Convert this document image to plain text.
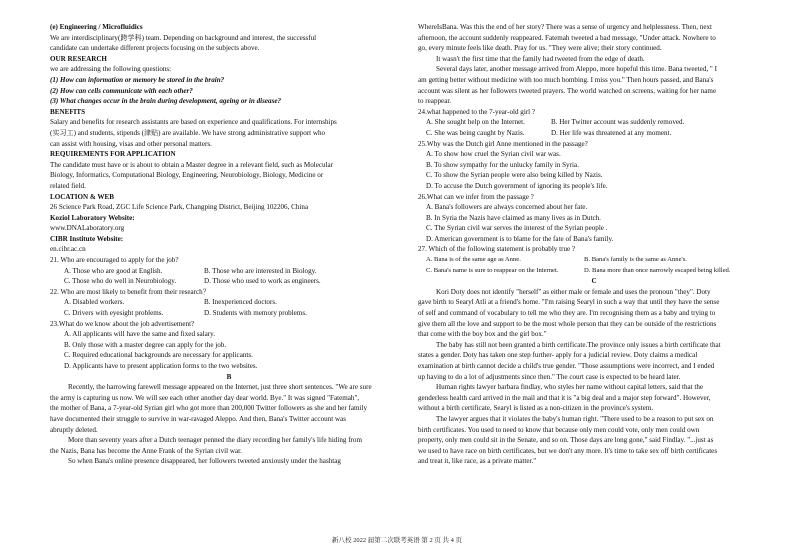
(e) Engineering / Microfluidics
We are interdisciplinary(跨学科) team. Depending on background and interest, the successful
candidate can undertake different projects focusing on the subjects above.
OUR RESEARCH
we are addressing the following questions:
(1) How can information or memory be stored in the brain?
(2) How can cells communicate with each other?
(3) What changes occur in the brain during development, ageing or in disease?
BENEFITS
Salary and benefits for research assistants are based on experience and qualifications. For internships
(实习工) and students, stipends (津贴) are available. We have strong administrative support who
can assist with housing, visas and other personal matters.
REQUIREMENTS FOR APPLICATION
The candidate must have or is about to obtain a Master degree in a relevant field, such as Molecular
Biology, Informatics, Computational Biology, Engineering, Neurobiology, Biology, Medicine or
related field.
LOCATION & WEB
26 Science Park Road, ZGC Life Science Park, Changping District, Beijing 102206, China
Koziol Laboratory Website:
www.DNALaboratory.org
CIBR Institute Website:
en.cibr.ac.cn
21. Who are encouraged to apply for the job?
A. Those who are good at English.	B. Those who are interested in Biology.
C. Those who do well in Neurobiology.	D. Those who used to work as engineers.
22. Who are most likely to benefit from their research？
A. Disabled workers.	B. Inexperienced doctors.
C. Drivers with eyesight problems.	D. Students with memory problems.
23.What do we know about the job advertisement?
A. All applicants will have the same and fixed salary.
B. Only those with a master degree can apply for the job.
C. Required educational backgrounds are necessary for applicants.
D. Applicants have to present application forms to the two websites.
B
Recently, the harrowing farewell message appeared on the Internet, just three short sentences. "We are sure
the army is capturing us now. We will see each other another day dear world. Bye." It was signed "Fatemah",
the mother of Bana, a 7-year-old Syrian girl who got more than 200,000 Twitter followers as she and her family
have documented their struggle to survive in war-ravaged Aleppo. And then, Bana's Twitter account was
abruptly deleted.
More than seventy years after a Dutch teenager penned the diary recording her family's life hiding from
the Nazis, Bana has become the Anne Frank of the Syrian civil war.
So when Bana's online presence disappeared, her followers tweeted anxiously under the hashtag
WhereIsBana. Was this the end of her story? There was a sense of urgency and helplessness. Then, next
afternoon, the account suddenly reappeared. Fatemah tweeted a bad message, "Under attack. Nowhere to
go, every minute feels like death. Pray for us. "They were alive; their story continued.
It wasn't the first time that the family had tweeted from the edge of death.
Several days later, another message arrived from Aleppo, more hopeful this time. Bana tweeted, " I
am getting better without medicine with too much bombing. I miss you." Then hours passed, and Bana's
account was silent as her followers tweeted prayers. The world watched on screens, waiting for her name
to reappear.
24.what happened to the 7-year-old girl ?
A. She sought help on the Internet.	B. Her Twitter account was suddenly removed.
C. She was being caught by Nazis.	D. Her life was threatened at any moment.
25.Why was the Dutch girl Anne mentioned in the passage?
A. To show how cruel the Syrian civil war was.
B. To show sympathy for the unlucky family in Syria.
C. To show the Syrian people were also being killed by Nazis.
D. To accuse the Dutch government of ignoring its people's life.
26.What can we infer from the passage ?
A. Bana's followers are always concerned about her fate.
B. In Syria the Nazis have claimed as many lives as in Dutch.
C. The Syrian civil war serves the interest of the Syrian people .
D. American government is to blame for the fate of Bana's family.
27. Which of the following statement is probably true ?
A. Bana is of the same age as Anne.	B. Bana's family is the same as Anne's.
C. Bana's name is sure to reappear on the Internet.	D. Bana more than once narrowly escaped being killed.
C
Kori Doty does not identify "herself" as either male or female and uses the pronoun "they". Doty
gave birth to Searyl Atli at a friend's home. "I'm raising Searyl in such a way that until they have the sense
of self and command of vocabulary to tell me who they are. I'm recognising them as a baby and trying to
give them all the love and support to be the most whole person that they can be outside of the restrictions
that come with the boy box and the girl box."
The baby has still not been granted a birth certificate.The province only issues a birth certificate that
states a gender. Doty has taken one step further- apply for a judicial review. Doty claims a medical
examination at birth cannot decide a child's true gender. "Those assumptions were incorrect, and I ended
up having to do a lot of adjustments since then." The court case is expected to be heard later.
Human rights lawyer barbara findlay, who styles her name without capital letters, said that the
genderless health card arrived in the mail and that it is "a big deal and a major step forward". However,
without a birth certificate, Searyl is listed as a non-citizen in the province's system.
The lawyer argues that it violates the baby's human right. "There used to be a reason to put sex on
birth certificates. You used to need to know that because only men could vote, only men could own
property, only men could sit in the Senate, and so on. Those days are long gone," said Findlay. "...just as
we used to have race on birth certificates, but we don't any more. It's time to take sex off birth certificates
and treat it, like race, as a private matter."
新八校 2022 届第二次联考英语 第 2 页 共 4 页
